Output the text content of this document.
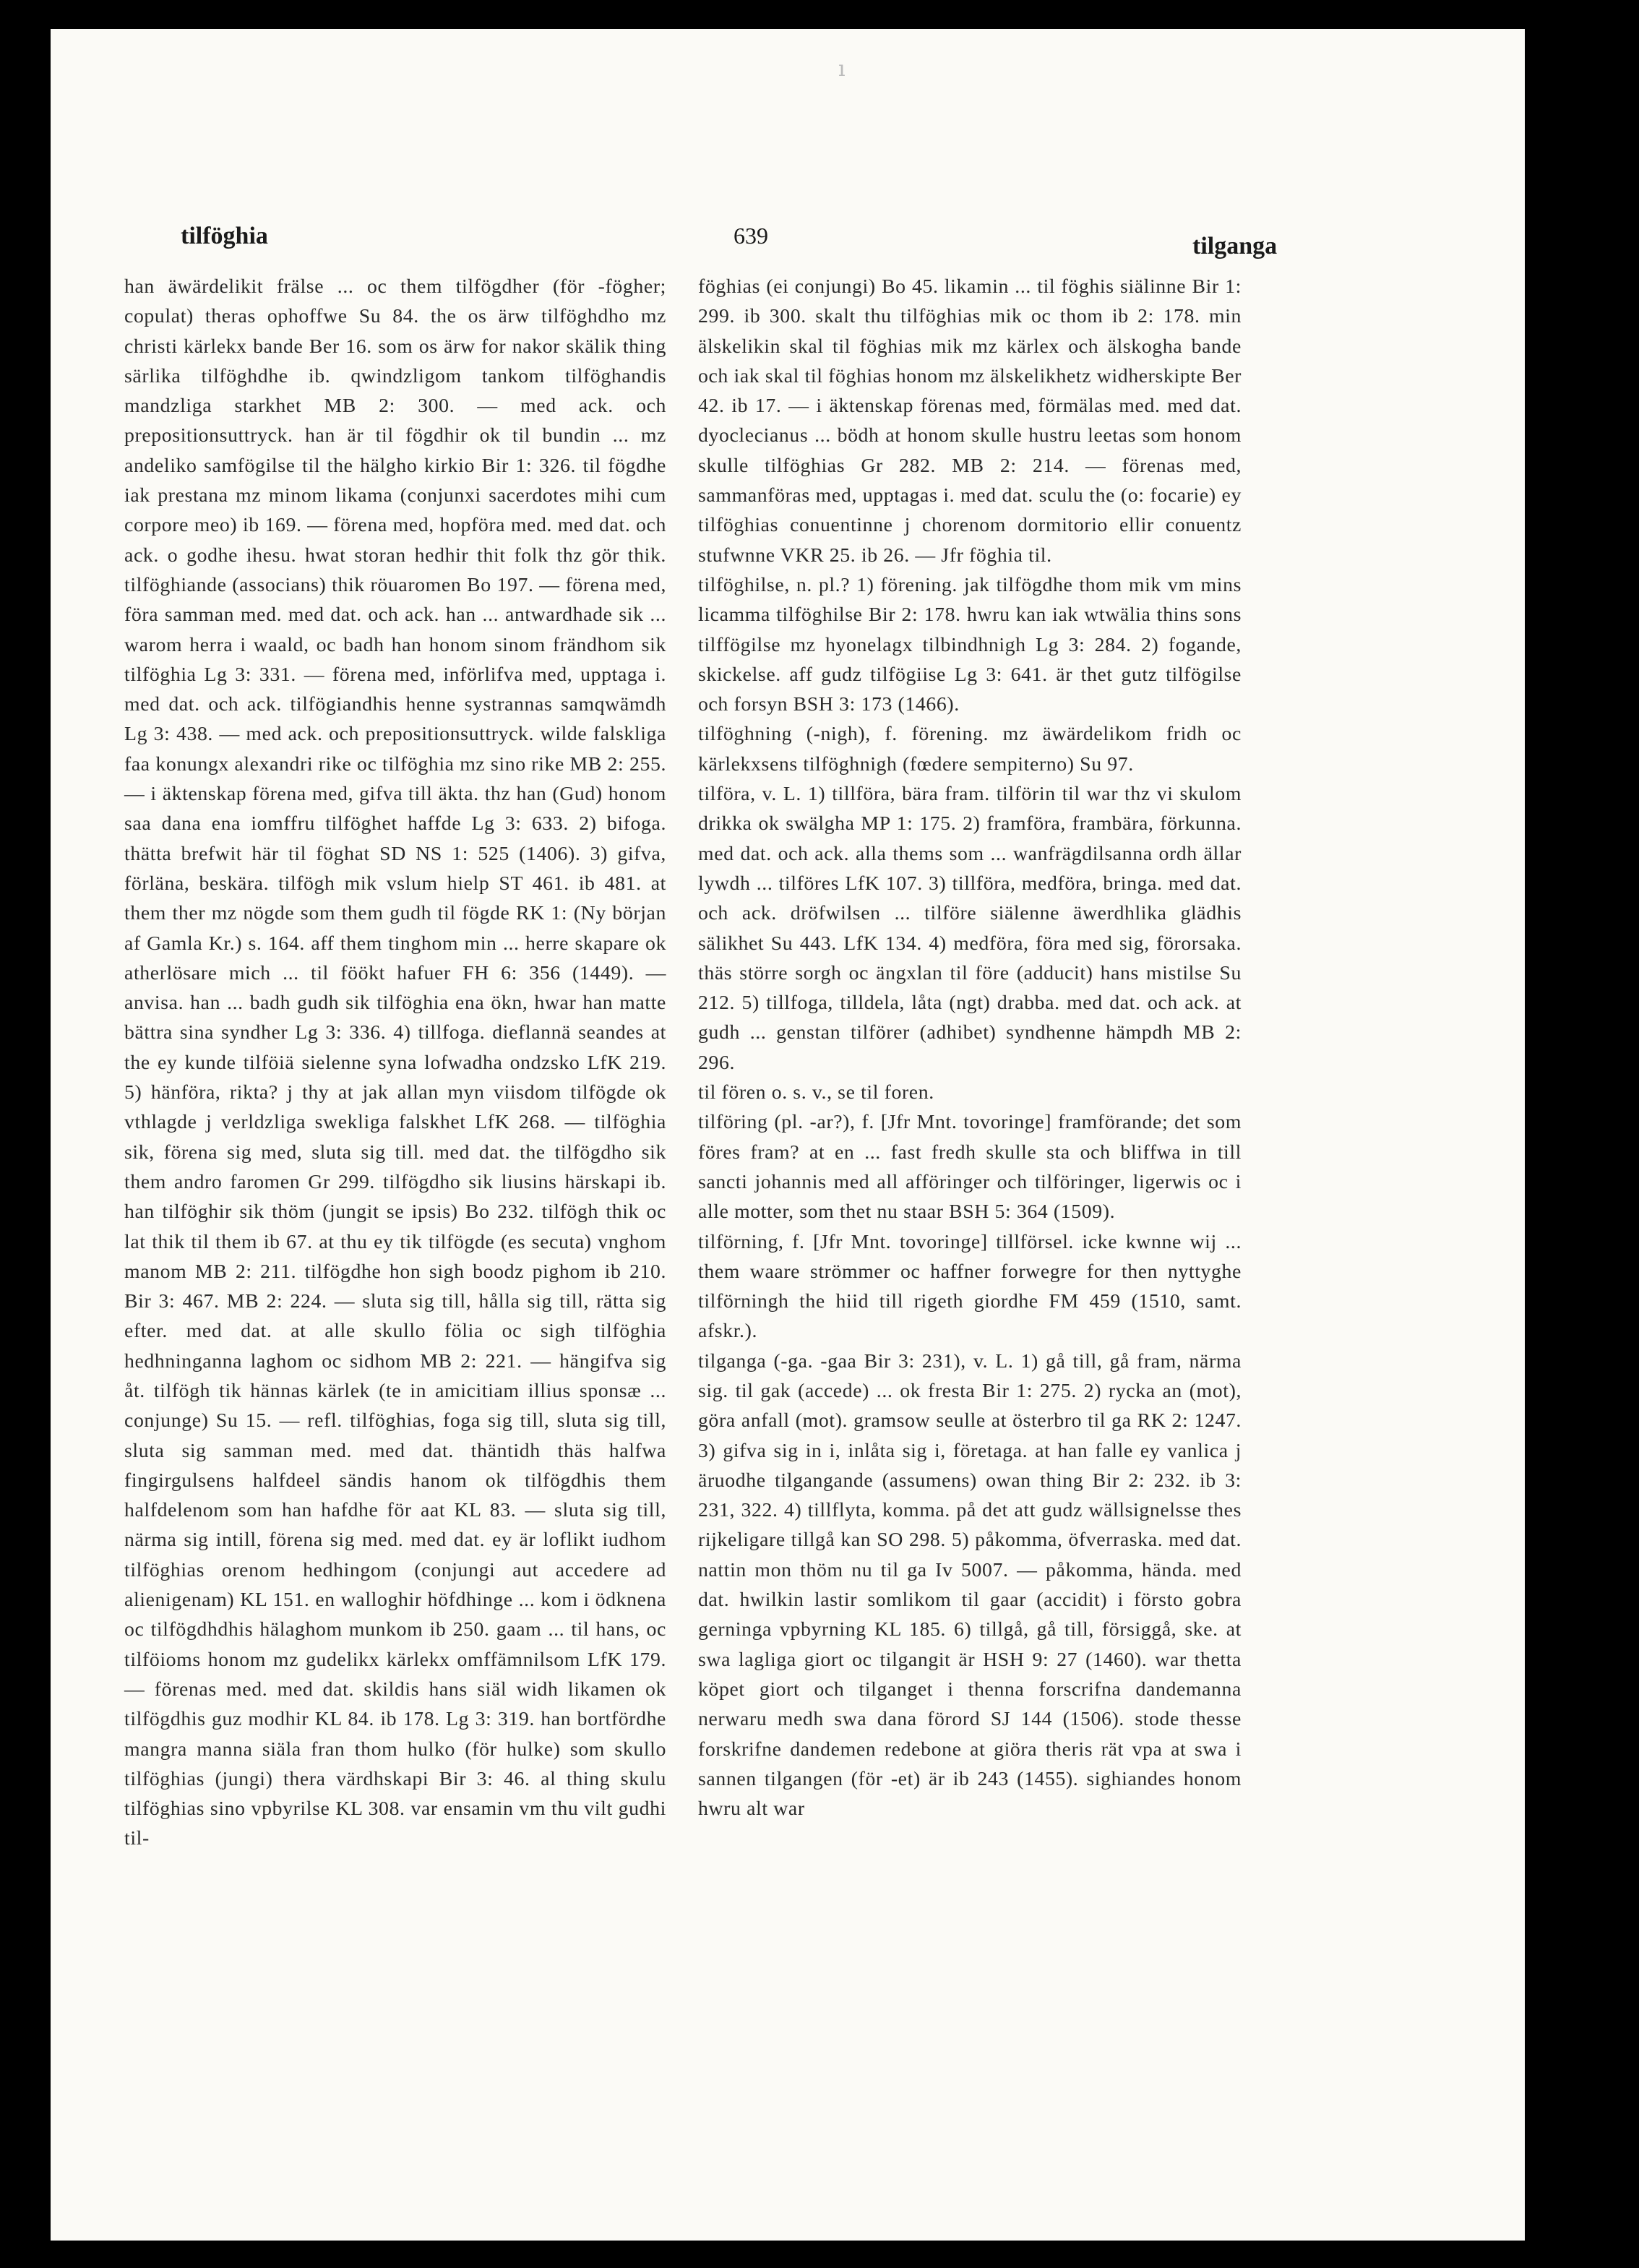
ı
tilföghia	639	tilganga

han äwärdelikit frälse ... oc them tilfögdher (för -fögher; copulat) theras ophoffwe Su 84. the os ärw tilföghdho mz christi kärlekx bande Ber 16. som os ärw for nakor skälik thing särlika tilföghdhe ib. qwindzligom tankom tilföghandis mandzliga starkhet MB 2: 300. — med ack. och prepositionsuttryck. han är til fögdhir ok til bundin ... mz andeliko samfögilse til the hälgho kirkio Bir 1: 326. til fögdhe iak prestana mz minom likama (conjunxi sacerdotes mihi cum corpore meo) ib 169. — förena med, hopföra med. med dat. och ack. o godhe ihesu. hwat storan hedhir thit folk thz gör thik. tilföghiande (associans) thik röuaromen Bo 197. — förena med, föra samman med. med dat. och ack. han ... antwardhade sik ... warom herra i waald, oc badh han honom sinom frändhom sik tilföghia Lg 3: 331. — förena med, införlifva med, upptaga i. med dat. och ack. tilfögiandhis henne systrannas samqwämdh Lg 3: 438. — med ack. och prepositionsuttryck. wilde falskliga faa konungx alexandri rike oc tilföghia mz sino rike MB 2: 255. — i äktenskap förena med, gifva till äkta. thz han (Gud) honom saa dana ena iomffru tilföghet haffde Lg 3: 633. 2) bifoga. thätta brefwit här til föghat SD NS 1: 525 (1406). 3) gifva, förläna, beskära. tilfögh mik vslum hielp ST 461. ib 481. at them ther mz nögde som them gudh til fögde RK 1: (Ny början af Gamla Kr.) s. 164. aff them tinghom min ... herre skapare ok atherlösare mich ... til föökt hafuer FH 6: 356 (1449). — anvisa. han ... badh gudh sik tilföghia ena ökn, hwar han matte bättra sina syndher Lg 3: 336. 4) tillfoga. dieflannä seandes at the ey kunde tilföiä sielenne syna lofwadha ondzsko LfK 219. 5) hänföra, rikta? j thy at jak allan myn viisdom tilfögde ok vthlagde j verldzliga swekliga falskhet LfK 268. — tilföghia sik, förena sig med, sluta sig till. med dat. the tilfögdho sik them andro faromen Gr 299. tilfögdho sik liusins härskapi ib. han tilföghir sik thöm (jungit se ipsis) Bo 232. tilfögh thik oc lat thik til them ib 67. at thu ey tik tilfögde (es secuta) vnghom manom MB 2: 211. tilfögdhe hon sigh boodz pighom ib 210. Bir 3: 467. MB 2: 224. — sluta sig till, hålla sig till, rätta sig efter. med dat. at alle skullo fölia oc sigh tilföghia hedhninganna laghom oc sidhom MB 2: 221. — hängifva sig åt. tilfögh tik hännas kärlek (te in amicitiam illius sponsæ ... conjunge) Su 15. — refl. tilföghias, foga sig till, sluta sig till, sluta sig samman med. med dat. thäntidh thäs halfwa fingirgulsens halfdeel sändis hanom ok tilfögdhis them halfdelenom som han hafdhe för aat KL 83. — sluta sig till, närma sig intill, förena sig med. med dat. ey är loflikt iudhom tilföghias orenom hedhingom (conjungi aut accedere ad alienigenam) KL 151. en walloghir höfdhinge ... kom i ödknena oc tilfögdhdhis hälaghom munkom ib 250. gaam ... til hans, oc tilföioms honom mz gudelikx kärlekx omffämnilsom LfK 179. — förenas med. med dat. skildis hans siäl widh likamen ok tilfögdhis guz modhir KL 84. ib 178. Lg 3: 319. han bortfördhe mangra manna siäla fran thom hulko (för hulke) som skullo tilföghias (jungi) thera värdhskapi Bir 3: 46. al thing skulu tilföghias sino vpbyrilse KL 308. var ensamin vm thu vilt gudhi til-

föghias (ei conjungi) Bo 45. likamin ... til föghis siälinne Bir 1: 299. ib 300. skalt thu tilföghias mik oc thom ib 2: 178. min älskelikin skal til föghias mik mz kärlex och älskogha bande och iak skal til föghias honom mz älskelikhetz widherskipte Ber 42. ib 17. — i äktenskap förenas med, förmälas med. med dat. dyoclecianus ... bödh at honom skulle hustru leetas som honom skulle tilföghias Gr 282. MB 2: 214. — förenas med, sammanföras med, upptagas i. med dat. sculu the (o: focarie) ey tilföghias conuentinne j chorenom dormitorio ellir conuentz stufwnne VKR 25. ib 26. — Jfr föghia til.

tilföghilse, n. pl.? 1) förening. jak tilfögdhe thom mik vm mins licamma tilföghilse Bir 2: 178. hwru kan iak wtwälia thins sons tilffögilse mz hyonelagx tilbindhnigh Lg 3: 284. 2) fogande, skickelse. aff gudz tilfögiise Lg 3: 641. är thet gutz tilfögilse och forsyn BSH 3: 173 (1466).

tilföghning (-nigh), f. förening. mz äwärdelikom fridh oc kärlekxsens tilföghnigh (fœdere sempiterno) Su 97.

tilföra, v. L. 1) tillföra, bära fram. tilförin til war thz vi skulom drikka ok swälgha MP 1: 175. 2) framföra, frambära, förkunna. med dat. och ack. alla thems som ... wanfrägdilsanna ordh ällar lywdh ... tilföres LfK 107. 3) tillföra, medföra, bringa. med dat. och ack. dröfwilsen ... tilföre siälenne äwerdhlika glädhis sälikhet Su 443. LfK 134. 4) medföra, föra med sig, förorsaka. thäs större sorgh oc ängxlan til före (adducit) hans mistilse Su 212. 5) tillfoga, tilldela, låta (ngt) drabba. med dat. och ack. at gudh ... genstan tilförer (adhibet) syndhenne hämpdh MB 2: 296.

til fören o. s. v., se til foren.

tilföring (pl. -ar?), f. [Jfr Mnt. tovoringe] framförande; det som föres fram? at en ... fast fredh skulle sta och bliffwa in till sancti johannis med all afföringer och tilföringer, ligerwis oc i alle motter, som thet nu staar BSH 5: 364 (1509).

tilförning, f. [Jfr Mnt. tovoringe] tillförsel. icke kwnne wij ... them waare strömmer oc haffner forwegre for then nyttyghe tilförningh the hiid till rigeth giordhe FM 459 (1510, samt. afskr.).

tilganga (-ga. -gaa Bir 3: 231), v. L. 1) gå till, gå fram, närma sig. til gak (accede) ... ok fresta Bir 1: 275. 2) rycka an (mot), göra anfall (mot). gramsow seulle at österbro til ga RK 2: 1247. 3) gifva sig in i, inlåta sig i, företaga. at han falle ey vanlica j äruodhe tilgangande (assumens) owan thing Bir 2: 232. ib 3: 231, 322. 4) tillflyta, komma. på det att gudz wällsignelsse thes rijkeligare tillgå kan SO 298. 5) påkomma, öfverraska. med dat. nattin mon thöm nu til ga Iv 5007. — påkomma, hända. med dat. hwilkin lastir somlikom til gaar (accidit) i försto gobra gerninga vpbyrning KL 185. 6) tillgå, gå till, försiggå, ske. at swa lagliga giort oc tilgangit är HSH 9: 27 (1460). war thetta köpet giort och tilganget i thenna forscrifna dandemanna nerwaru medh swa dana förord SJ 144 (1506). stode thesse forskrifne dandemen redebone at giöra theris rät vpa at swa i sannen tilgangen (för -et) är ib 243 (1455). sighiandes honom hwru alt war
